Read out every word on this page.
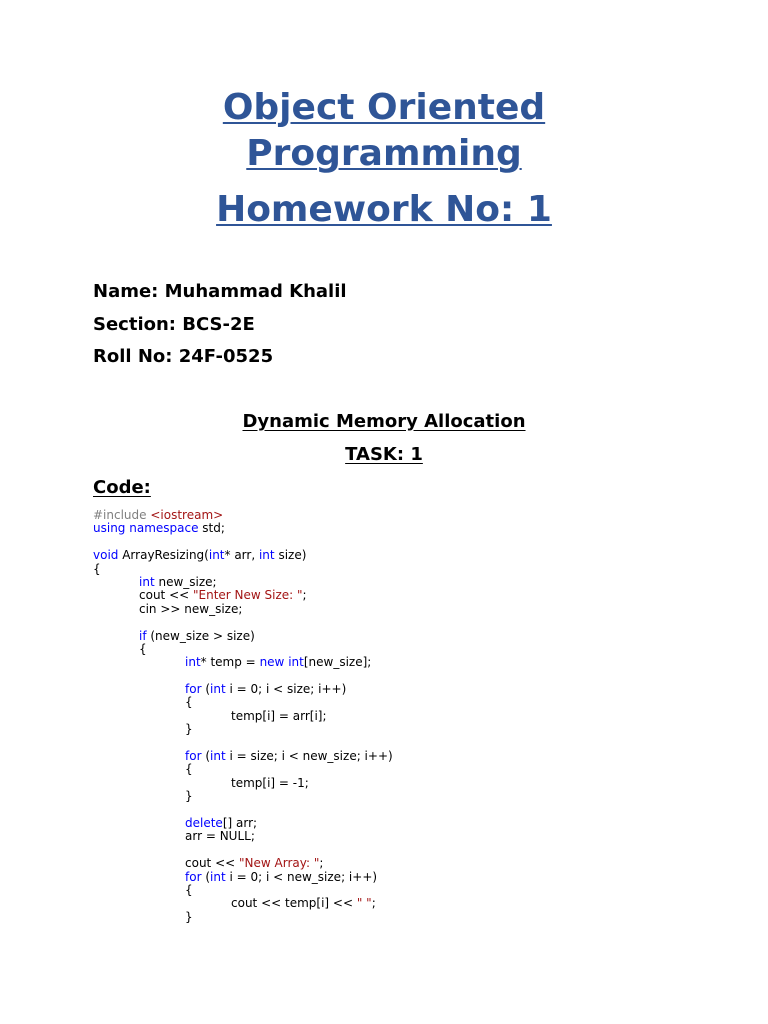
Object Oriented
Programming
Homework No: 1

Name: Muhammad Khalil

Section: BCS-2E

Roll No: 24F-0525

Dynamic Memory Allocation

TASK: 1

Code:

#include <iostream>
using namespace std;
void ArrayResizing(int* arr, int size)
{
int new_size;
cout << "Enter New Size: ";
cin >> new_size;
if (new_size > size)
{
int* temp = new int[new_size];
for (int i = 0; i < size; i++)
{
temp[i] = arr[i];
}
for (int i = size; i < new_size; i++)
{
temp[i] = -1;
}
delete[] arr;
arr = NULL;
cout << "New Array: ";
for (int i = 0; i < new_size; i++)
{
cout << temp[i] << " ";
}
